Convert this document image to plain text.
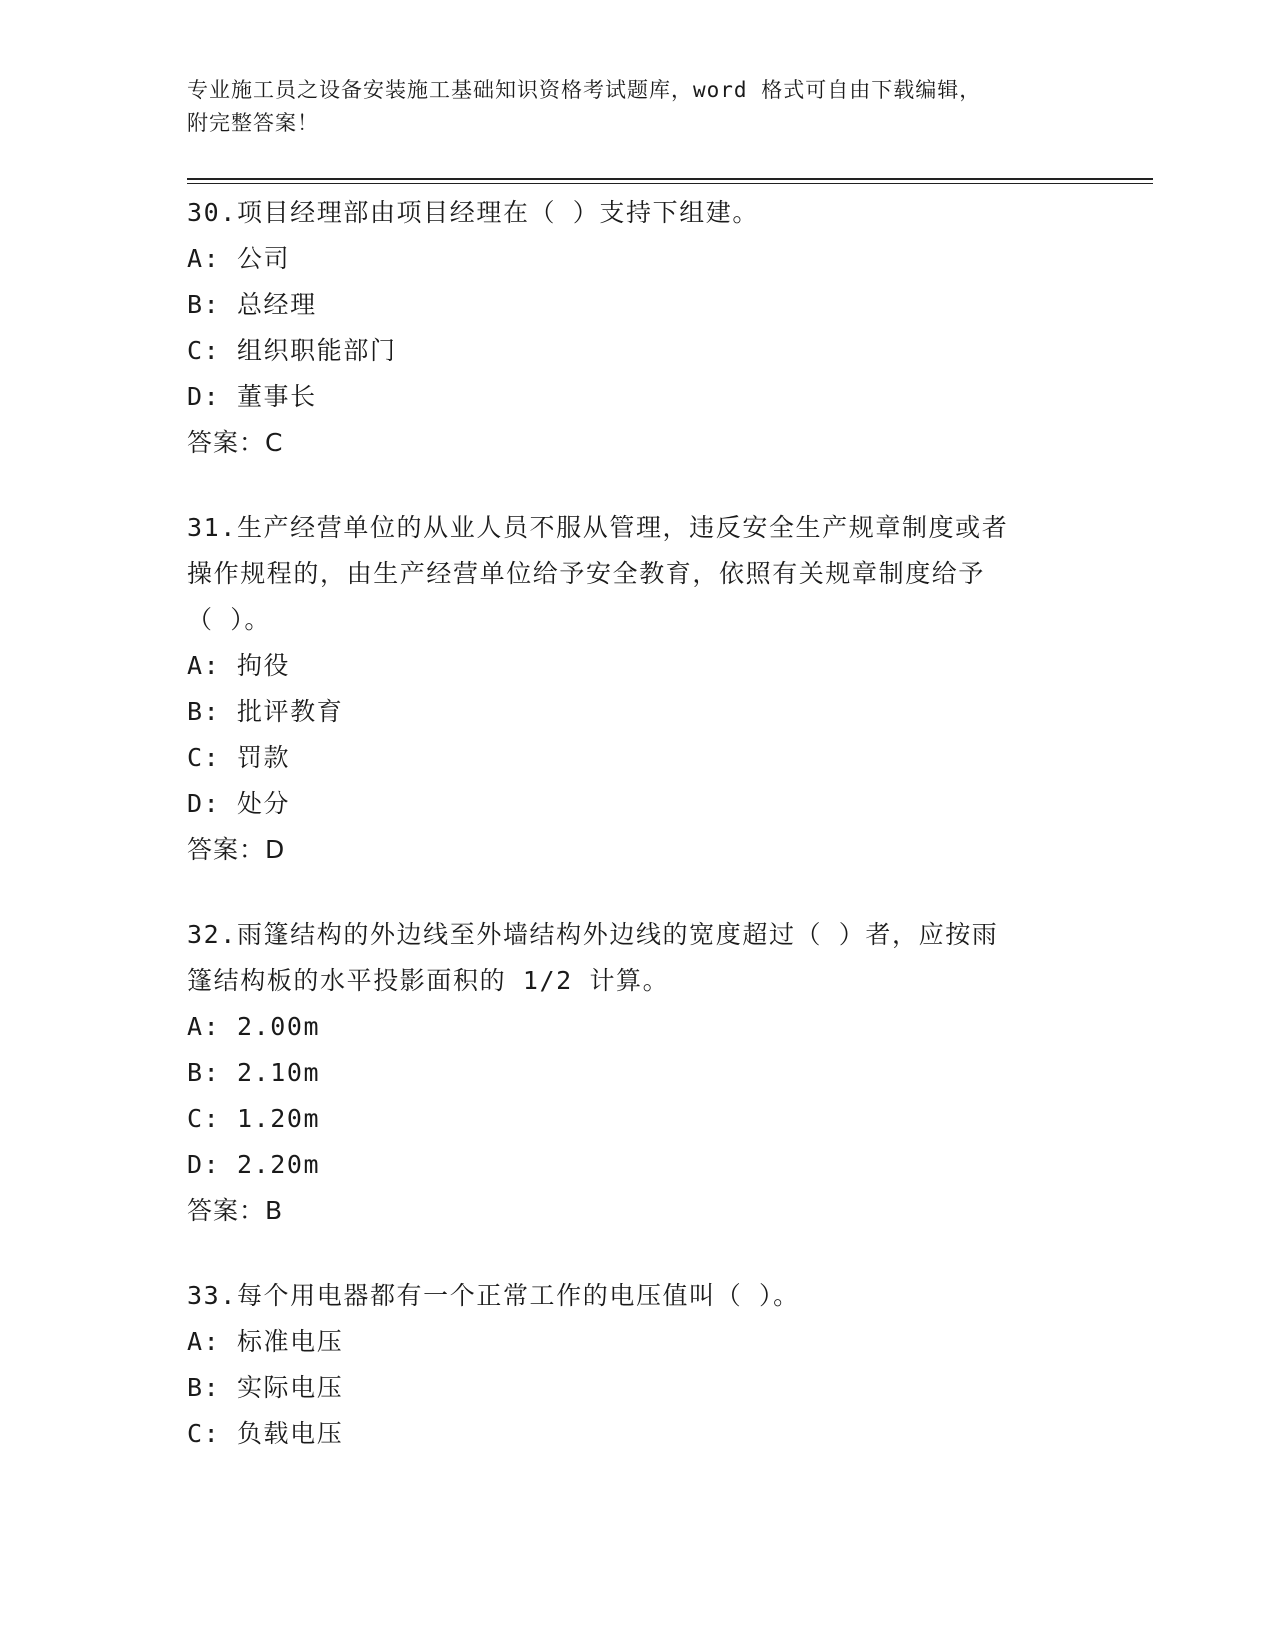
专业施工员之设备安装施工基础知识资格考试题库，word 格式可自由下载编辑，
附完整答案！
30.项目经理部由项目经理在（ ）支持下组建。
A: 公司
B: 总经理
C: 组织职能部门
D: 董事长
答案：C
31.生产经营单位的从业人员不服从管理，违反安全生产规章制度或者
操作规程的，由生产经营单位给予安全教育，依照有关规章制度给予
（ ）。
A: 拘役
B: 批评教育
C: 罚款
D: 处分
答案：D
32.雨篷结构的外边线至外墙结构外边线的宽度超过（ ）者，应按雨
篷结构板的水平投影面积的 1/2 计算。
A: 2.00m
B: 2.10m
C: 1.20m
D: 2.20m
答案：B
33.每个用电器都有一个正常工作的电压值叫（ ）。
A: 标准电压
B: 实际电压
C: 负载电压
